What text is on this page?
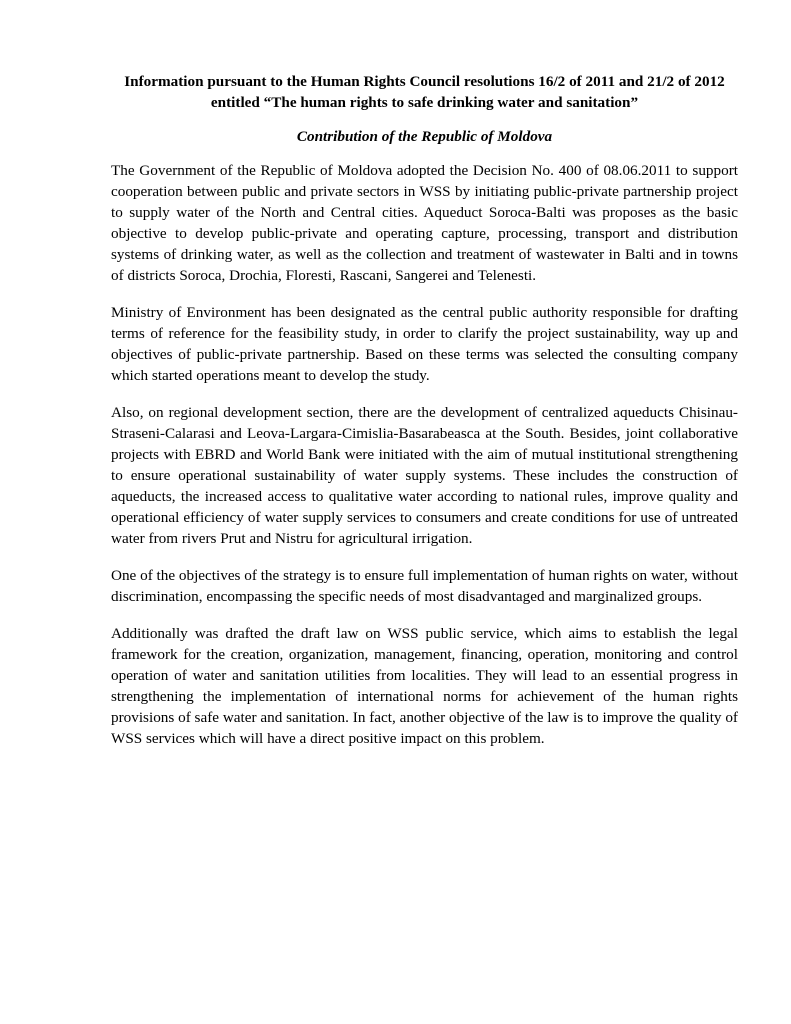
Information pursuant to the Human Rights Council resolutions 16/2 of 2011 and 21/2 of 2012
entitled “The human rights to safe drinking water and sanitation”

Contribution of the Republic of Moldova

The Government of the Republic of Moldova adopted the Decision No. 400 of 08.06.2011 to support cooperation between public and private sectors in WSS by initiating public-private partnership project to supply water of the North and Central cities. Aqueduct Soroca-Balti was proposes as the basic objective to develop public-private and operating capture, processing, transport and distribution systems of drinking water, as well as the collection and treatment of wastewater in Balti and in towns of districts Soroca, Drochia, Floresti, Rascani, Sangerei and Telenesti.

Ministry of Environment has been designated as the central public authority responsible for drafting terms of reference for the feasibility study, in order to clarify the project sustainability, way up and objectives of public-private partnership. Based on these terms was selected the consulting company which started operations meant to develop the study.

Also, on regional development section, there are the development of centralized aqueducts Chisinau-Straseni-Calarasi and Leova-Largara-Cimislia-Basarabeasca at the South. Besides, joint collaborative projects with EBRD and World Bank were initiated with the aim of mutual institutional strengthening to ensure operational sustainability of water supply systems. These includes the construction of aqueducts, the increased access to qualitative water according to national rules, improve quality and operational efficiency of water supply services to consumers and create conditions for use of untreated water from rivers Prut and Nistru for agricultural irrigation.

One of the objectives of the strategy is to ensure full implementation of human rights on water, without discrimination, encompassing the specific needs of most disadvantaged and marginalized groups.

Additionally was drafted the draft law on WSS public service, which aims to establish the legal framework for the creation, organization, management, financing, operation, monitoring and control operation of water and sanitation utilities from localities. They will lead to an essential progress in strengthening the implementation of international norms for achievement of the human rights provisions of safe water and sanitation. In fact, another objective of the law is to improve the quality of WSS services which will have a direct positive impact on this problem.
